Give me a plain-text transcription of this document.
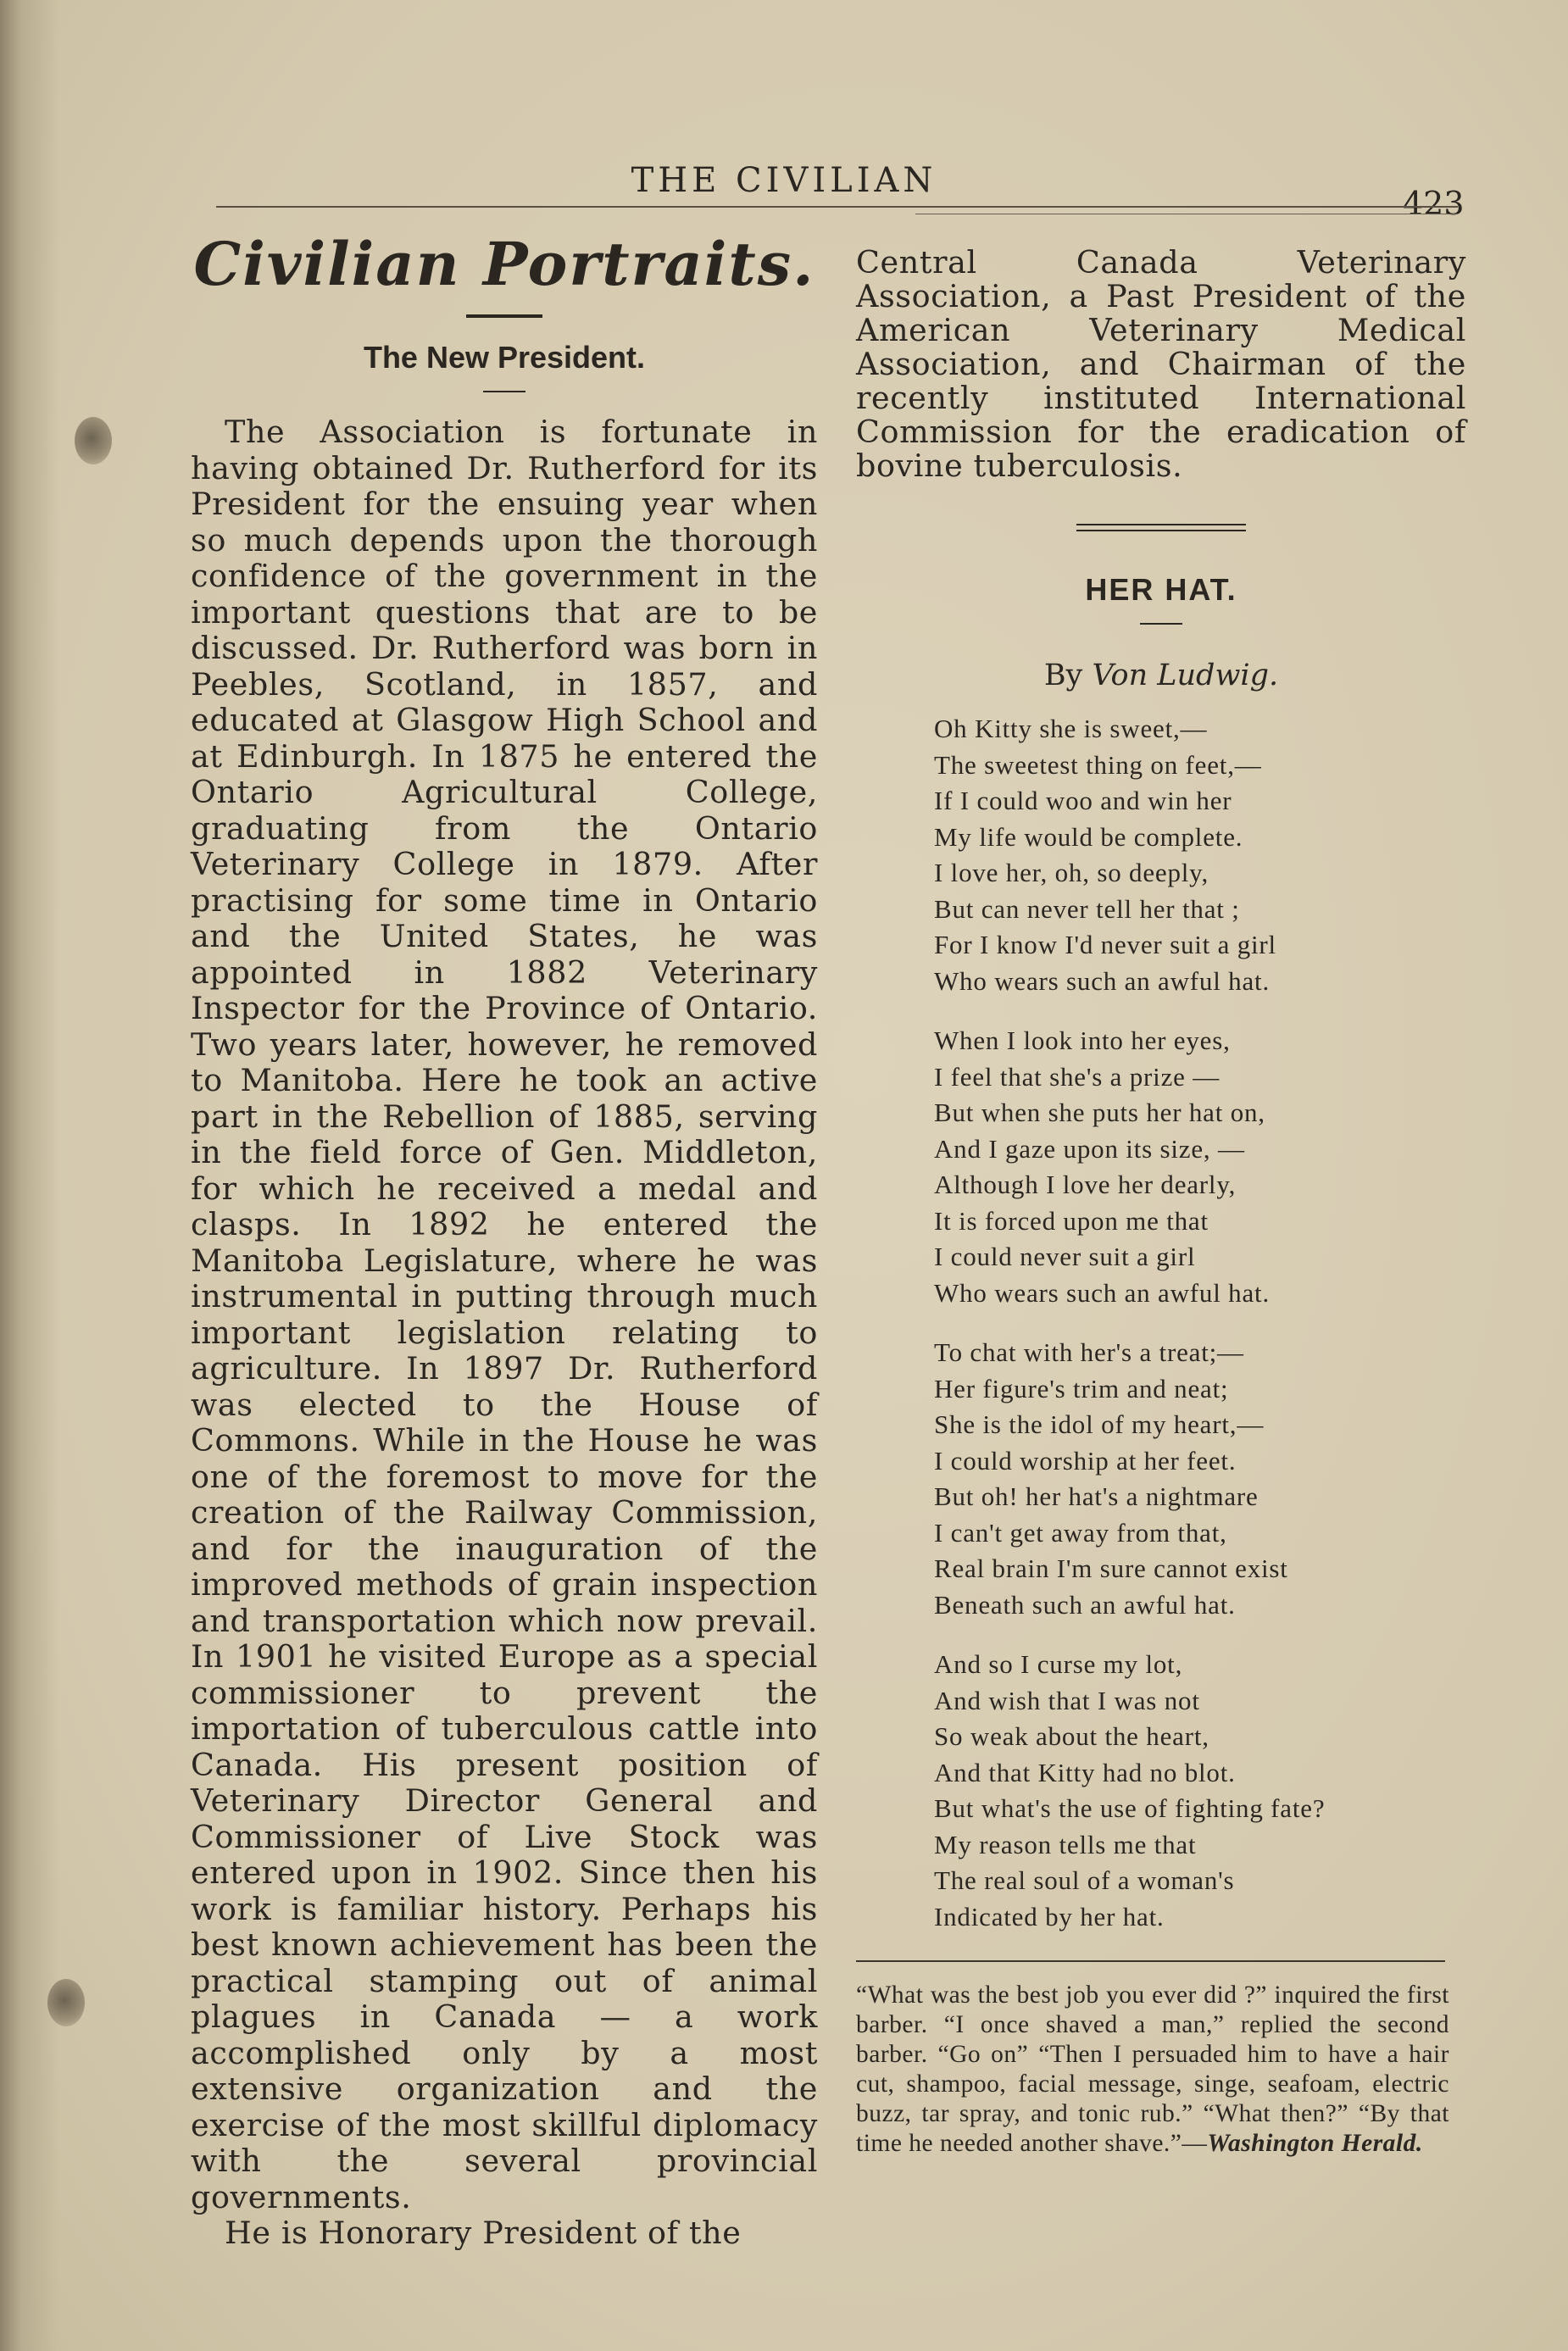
THE CIVILIAN
423
Civilian Portraits.
The New President.

The Association is fortunate in having obtained Dr. Rutherford for its President for the ensuing year when so much depends upon the thorough confidence of the government in the important questions that are to be discussed. Dr. Rutherford was born in Peebles, Scotland, in 1857, and educated at Glasgow High School and at Edinburgh. In 1875 he entered the Ontario Agricultural College, graduating from the Ontario Veterinary College in 1879. After practising for some time in Ontario and the United States, he was appointed in 1882 Veterinary Inspector for the Province of Ontario. Two years later, however, he removed to Manitoba. Here he took an active part in the Rebellion of 1885, serving in the field force of Gen. Middleton, for which he received a medal and clasps. In 1892 he entered the Manitoba Legislature, where he was instrumental in putting through much important legislation relating to agriculture. In 1897 Dr. Rutherford was elected to the House of Commons. While in the House he was one of the foremost to move for the creation of the Railway Commission, and for the inauguration of the improved methods of grain inspection and transportation which now prevail. In 1901 he visited Europe as a special commissioner to prevent the importation of tuberculous cattle into Canada. His present position of Veterinary Director General and Commissioner of Live Stock was entered upon in 1902. Since then his work is familiar history. Perhaps his best known achievement has been the practical stamping out of animal plagues in Canada — a work accomplished only by a most extensive organization and the exercise of the most skillful diplomacy with the several provincial governments.

He is Honorary President of the

Central Canada Veterinary Association, a Past President of the American Veterinary Medical Association, and Chairman of the recently instituted International Commission for the eradication of bovine tuberculosis.

HER HAT.
By Von Ludwig.
Oh Kitty she is sweet,—
The sweetest thing on feet,—
If I could woo and win her
My life would be complete.
I love her, oh, so deeply,
But can never tell her that ;
For I know I'd never suit a girl
Who wears such an awful hat.
When I look into her eyes,
I feel that she's a prize —
But when she puts her hat on,
And I gaze upon its size, —
Although I love her dearly,
It is forced upon me that
I could never suit a girl
Who wears such an awful hat.
To chat with her's a treat;—
Her figure's trim and neat;
She is the idol of my heart,—
I could worship at her feet.
But oh! her hat's a nightmare
I can't get away from that,
Real brain I'm sure cannot exist
Beneath such an awful hat.
And so I curse my lot,
And wish that I was not
So weak about the heart,
And that Kitty had no blot.
But what's the use of fighting fate?
My reason tells me that
The real soul of a woman's
Indicated by her hat.
“What was the best job you ever did ?” inquired the first barber. “I once shaved a man,” replied the second barber. “Go on” “Then I persuaded him to have a hair cut, shampoo, facial message, singe, seafoam, electric buzz, tar spray, and tonic rub.” “What then?” “By that time he needed another shave.”—Washington Herald.
